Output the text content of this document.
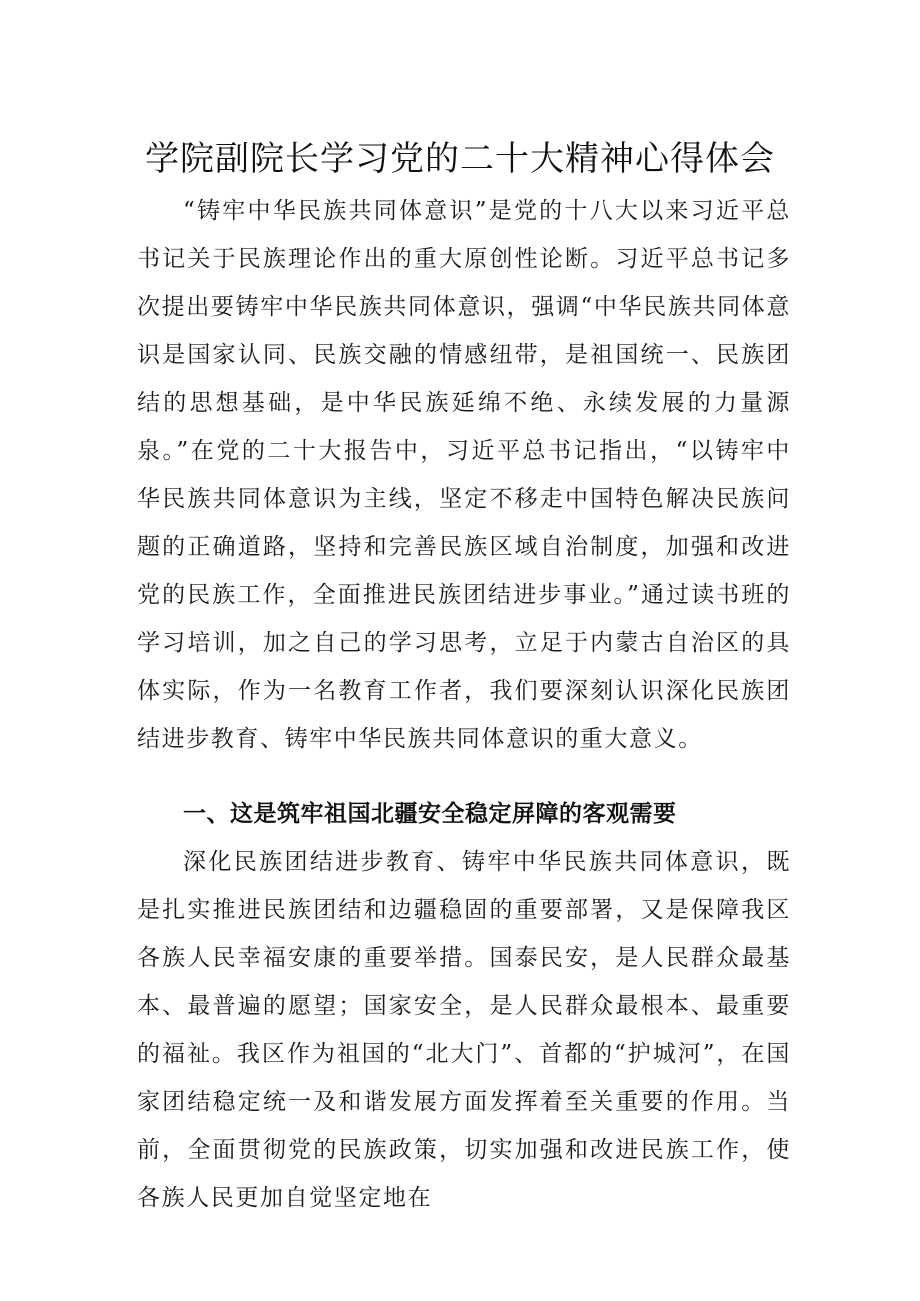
学院副院长学习党的二十大精神心得体会

“铸牢中华民族共同体意识”是党的十八大以来习近平总书记关于民族理论作出的重大原创性论断。习近平总书记多次提出要铸牢中华民族共同体意识，强调“中华民族共同体意识是国家认同、民族交融的情感纽带，是祖国统一、民族团结的思想基础，是中华民族延绵不绝、永续发展的力量源泉。”在党的二十大报告中，习近平总书记指出，“以铸牢中华民族共同体意识为主线，坚定不移走中国特色解决民族问题的正确道路，坚持和完善民族区域自治制度，加强和改进党的民族工作，全面推进民族团结进步事业。”通过读书班的学习培训，加之自己的学习思考，立足于内蒙古自治区的具体实际，作为一名教育工作者，我们要深刻认识深化民族团结进步教育、铸牢中华民族共同体意识的重大意义。

一、这是筑牢祖国北疆安全稳定屏障的客观需要

深化民族团结进步教育、铸牢中华民族共同体意识，既是扎实推进民族团结和边疆稳固的重要部署，又是保障我区各族人民幸福安康的重要举措。国泰民安，是人民群众最基本、最普遍的愿望；国家安全，是人民群众最根本、最重要的福祉。我区作为祖国的“北大门”、首都的“护城河”，在国家团结稳定统一及和谐发展方面发挥着至关重要的作用。当前，全面贯彻党的民族政策，切实加强和改进民族工作，使各族人民更加自觉坚定地在
